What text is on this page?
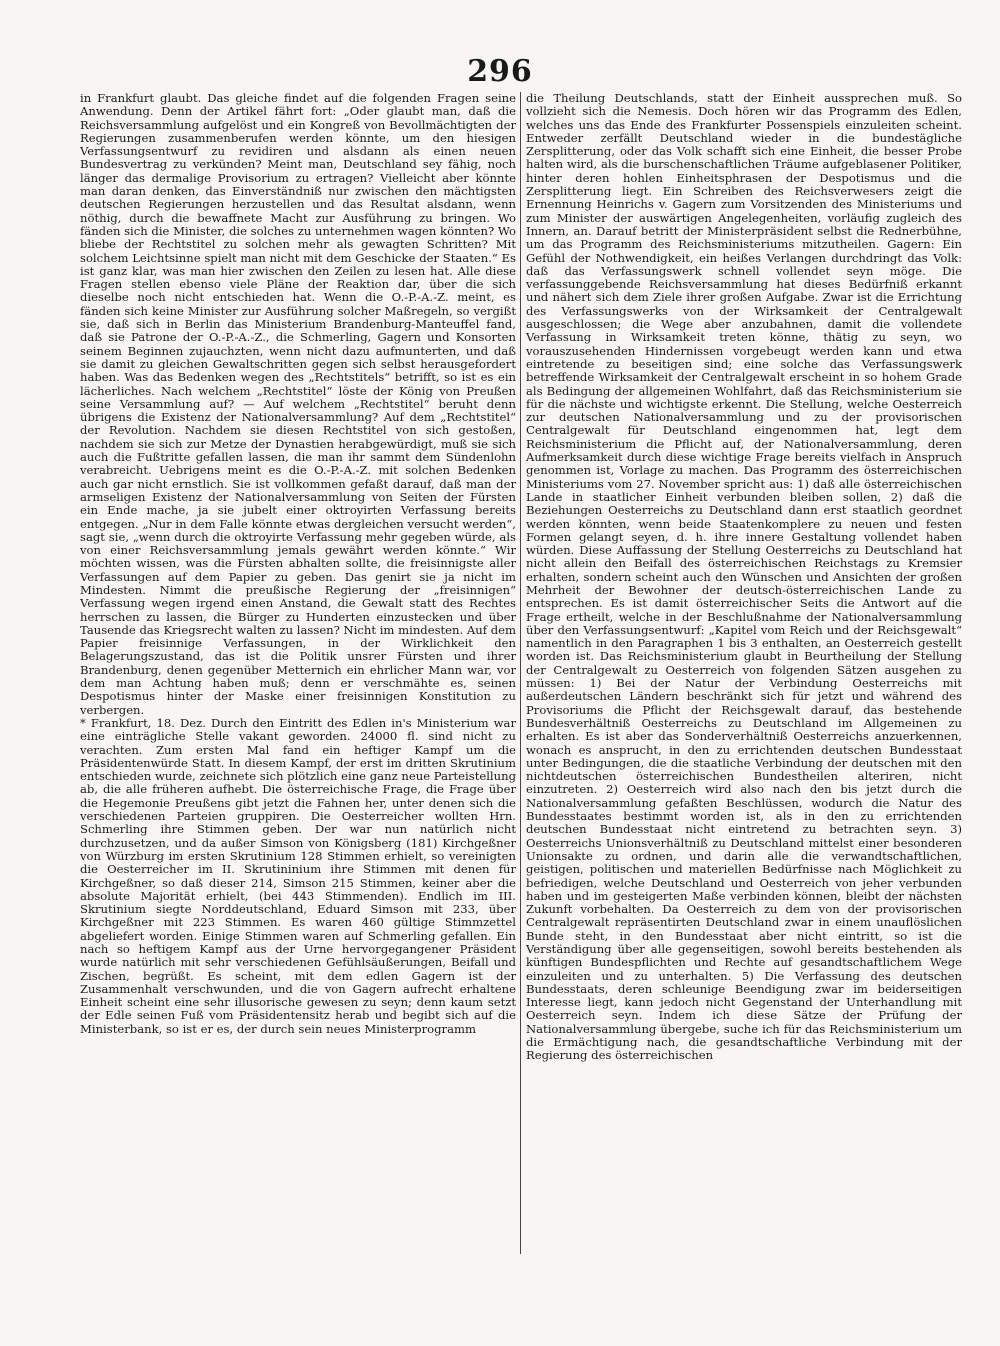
296

in Frankfurt glaubt. Das gleiche findet auf die folgenden Fragen seine Anwendung. Denn der Artikel fährt fort: „Oder glaubt man, daß die Reichsversammlung aufgelöst und ein Kongreß von Bevollmächtigten der Regierungen zusammenberufen werden könnte, um den hiesigen Verfassungsentwurf zu revidiren und alsdann als einen neuen Bundesvertrag zu verkünden? Meint man, Deutschland sey fähig, noch länger das dermalige Provisorium zu ertragen? Vielleicht aber könnte man daran denken, das Einverständniß nur zwischen den mächtigsten deutschen Regierungen herzustellen und das Resultat alsdann, wenn nöthig, durch die bewaffnete Macht zur Ausführung zu bringen. Wo fänden sich die Minister, die solches zu unternehmen wagen könnten? Wo bliebe der Rechtstitel zu solchen mehr als gewagten Schritten? Mit solchem Leichtsinne spielt man nicht mit dem Geschicke der Staaten.“ Es ist ganz klar, was man hier zwischen den Zeilen zu lesen hat. Alle diese Fragen stellen ebenso viele Pläne der Reaktion dar, über die sich dieselbe noch nicht entschieden hat. Wenn die O.-P.-A.-Z. meint, es fänden sich keine Minister zur Ausführung solcher Maßregeln, so vergißt sie, daß sich in Berlin das Ministerium Brandenburg-Manteuffel fand, daß sie Patrone der O.-P.-A.-Z., die Schmerling, Gagern und Konsorten seinem Beginnen zujauchzten, wenn nicht dazu aufmunterten, und daß sie damit zu gleichen Gewaltschritten gegen sich selbst herausgefordert haben. Was das Bedenken wegen des „Rechtstitels“ betrifft, so ist es ein lächerliches. Nach welchem „Rechtstitel“ löste der König von Preußen seine Versammlung auf? — Auf welchem „Rechtstitel“ beruht denn übrigens die Existenz der Nationalversammlung? Auf dem „Rechtstitel“ der Revolution. Nachdem sie diesen Rechtstitel von sich gestoßen, nachdem sie sich zur Metze der Dynastien herabgewürdigt, muß sie sich auch die Fußtritte gefallen lassen, die man ihr sammt dem Sündenlohn verabreicht. Uebrigens meint es die O.-P.-A.-Z. mit solchen Bedenken auch gar nicht ernstlich. Sie ist vollkommen gefaßt darauf, daß man der armseligen Existenz der Nationalversammlung von Seiten der Fürsten ein Ende mache, ja sie jubelt einer oktroyirten Verfassung bereits entgegen. „Nur in dem Falle könnte etwas dergleichen versucht werden“, sagt sie, „wenn durch die oktroyirte Verfassung mehr gegeben würde, als von einer Reichsversammlung jemals gewährt werden könnte.“ Wir möchten wissen, was die Fürsten abhalten sollte, die freisinnigste aller Verfassungen auf dem Papier zu geben. Das genirt sie ja nicht im Mindesten. Nimmt die preußische Regierung der „freisinnigen“ Verfassung wegen irgend einen Anstand, die Gewalt statt des Rechtes herrschen zu lassen, die Bürger zu Hunderten einzustecken und über Tausende das Kriegsrecht walten zu lassen? Nicht im mindesten. Auf dem Papier freisinnige Verfassungen, in der Wirklichkeit den Belagerungszustand, das ist die Politik unsrer Fürsten und ihrer Brandenburg, denen gegenüber Metternich ein ehrlicher Mann war, vor dem man Achtung haben muß; denn er verschmähte es, seinen Despotismus hinter der Maske einer freisinnigen Konstitution zu verbergen.

* Frankfurt, 18. Dez. Durch den Eintritt des Edlen in's Ministerium war eine einträgliche Stelle vakant geworden. 24000 fl. sind nicht zu verachten. Zum ersten Mal fand ein heftiger Kampf um die Präsidentenwürde Statt. In diesem Kampf, der erst im dritten Skrutinium entschieden wurde, zeichnete sich plötzlich eine ganz neue Parteistellung ab, die alle früheren aufhebt. Die österreichische Frage, die Frage über die Hegemonie Preußens gibt jetzt die Fahnen her, unter denen sich die verschiedenen Parteien gruppiren. Die Oesterreicher wollten Hrn. Schmerling ihre Stimmen geben. Der war nun natürlich nicht durchzusetzen, und da außer Simson von Königsberg (181) Kirchgeßner von Würzburg im ersten Skrutinium 128 Stimmen erhielt, so vereinigten die Oesterreicher im II. Skrutininium ihre Stimmen mit denen für Kirchgeßner, so daß dieser 214, Simson 215 Stimmen, keiner aber die absolute Majorität erhielt, (bei 443 Stimmenden). Endlich im III. Skrutinium siegte Norddeutschland, Eduard Simson mit 233, über Kirchgeßner mit 223 Stimmen. Es waren 460 gültige Stimmzettel abgeliefert worden. Einige Stimmen waren auf Schmerling gefallen. Ein nach so heftigem Kampf aus der Urne hervorgegangener Präsident wurde natürlich mit sehr verschiedenen Gefühlsäußerungen, Beifall und Zischen, begrüßt. Es scheint, mit dem edlen Gagern ist der Zusammenhalt verschwunden, und die von Gagern aufrecht erhaltene Einheit scheint eine sehr illusorische gewesen zu seyn; denn kaum setzt der Edle seinen Fuß vom Präsidentensitz herab und begibt sich auf die Ministerbank, so ist er es, der durch sein neues Ministerprogramm

die Theilung Deutschlands, statt der Einheit aussprechen muß. So vollzieht sich die Nemesis. Doch hören wir das Programm des Edlen, welches uns das Ende des Frankfurter Possenspiels einzuleiten scheint. Entweder zerfällt Deutschland wieder in die bundestägliche Zersplitterung, oder das Volk schafft sich eine Einheit, die besser Probe halten wird, als die burschenschaftlichen Träume aufgeblasener Politiker, hinter deren hohlen Einheitsphrasen der Despotismus und die Zersplitterung liegt. Ein Schreiben des Reichsverwesers zeigt die Ernennung Heinrichs v. Gagern zum Vorsitzenden des Ministeriums und zum Minister der auswärtigen Angelegenheiten, vorläufig zugleich des Innern, an. Darauf betritt der Ministerpräsident selbst die Rednerbühne, um das Programm des Reichsministeriums mitzutheilen. Gagern: Ein Gefühl der Nothwendigkeit, ein heißes Verlangen durchdringt das Volk: daß das Verfassungswerk schnell vollendet seyn möge. Die verfassunggebende Reichsversammlung hat dieses Bedürfniß erkannt und nähert sich dem Ziele ihrer großen Aufgabe. Zwar ist die Errichtung des Verfassungswerks von der Wirksamkeit der Centralgewalt ausgeschlossen; die Wege aber anzubahnen, damit die vollendete Verfassung in Wirksamkeit treten könne, thätig zu seyn, wo vorauszusehenden Hindernissen vorgebeugt werden kann und etwa eintretende zu beseitigen sind; eine solche das Verfassungswerk betreffende Wirksamkeit der Centralgewalt erscheint in so hohem Grade als Bedingung der allgemeinen Wohlfahrt, daß das Reichsministerium sie für die nächste und wichtigste erkennt. Die Stellung, welche Oesterreich zur deutschen Nationalversammlung und zu der provisorischen Centralgewalt für Deutschland eingenommen hat, legt dem Reichsministerium die Pflicht auf, der Nationalversammlung, deren Aufmerksamkeit durch diese wichtige Frage bereits vielfach in Anspruch genommen ist, Vorlage zu machen. Das Programm des österreichischen Ministeriums vom 27. November spricht aus: 1) daß alle österreichischen Lande in staatlicher Einheit verbunden bleiben sollen, 2) daß die Beziehungen Oesterreichs zu Deutschland dann erst staatlich geordnet werden könnten, wenn beide Staatenkomplere zu neuen und festen Formen gelangt seyen, d. h. ihre innere Gestaltung vollendet haben würden. Diese Auffassung der Stellung Oesterreichs zu Deutschland hat nicht allein den Beifall des österreichischen Reichstags zu Kremsier erhalten, sondern scheint auch den Wünschen und Ansichten der großen Mehrheit der Bewohner der deutsch-österreichischen Lande zu entsprechen. Es ist damit österreichischer Seits die Antwort auf die Frage ertheilt, welche in der Beschlußnahme der Nationalversammlung über den Verfassungsentwurf: „Kapitel vom Reich und der Reichsgewalt“ namentlich in den Paragraphen 1 bis 3 enthalten, an Oesterreich gestellt worden ist. Das Reichsministerium glaubt in Beurtheilung der Stellung der Centralgewalt zu Oesterreich von folgenden Sätzen ausgehen zu müssen: 1) Bei der Natur der Verbindung Oesterreichs mit außerdeutschen Ländern beschränkt sich für jetzt und während des Provisoriums die Pflicht der Reichsgewalt darauf, das bestehende Bundesverhältniß Oesterreichs zu Deutschland im Allgemeinen zu erhalten. Es ist aber das Sonderverhältniß Oesterreichs anzuerkennen, wonach es ansprucht, in den zu errichtenden deutschen Bundesstaat unter Bedingungen, die die staatliche Verbindung der deutschen mit den nichtdeutschen österreichischen Bundestheilen alteriren, nicht einzutreten. 2) Oesterreich wird also nach den bis jetzt durch die Nationalversammlung gefaßten Beschlüssen, wodurch die Natur des Bundesstaates bestimmt worden ist, als in den zu errichtenden deutschen Bundesstaat nicht eintretend zu betrachten seyn. 3) Oesterreichs Unionsverhältniß zu Deutschland mittelst einer besonderen Unionsakte zu ordnen, und darin alle die verwandtschaftlichen, geistigen, politischen und materiellen Bedürfnisse nach Möglichkeit zu befriedigen, welche Deutschland und Oesterreich von jeher verbunden haben und im gesteigerten Maße verbinden können, bleibt der nächsten Zukunft vorbehalten. Da Oesterreich zu dem von der provisorischen Centralgewalt repräsentirten Deutschland zwar in einem unauflöslichen Bunde steht, in den Bundesstaat aber nicht eintritt, so ist die Verständigung über alle gegenseitigen, sowohl bereits bestehenden als künftigen Bundespflichten und Rechte auf gesandtschaftlichem Wege einzuleiten und zu unterhalten. 5) Die Verfassung des deutschen Bundesstaats, deren schleunige Beendigung zwar im beiderseitigen Interesse liegt, kann jedoch nicht Gegenstand der Unterhandlung mit Oesterreich seyn. Indem ich diese Sätze der Prüfung der Nationalversammlung übergebe, suche ich für das Reichsministerium um die Ermächtigung nach, die gesandtschaftliche Verbindung mit der Regierung des österreichischen
